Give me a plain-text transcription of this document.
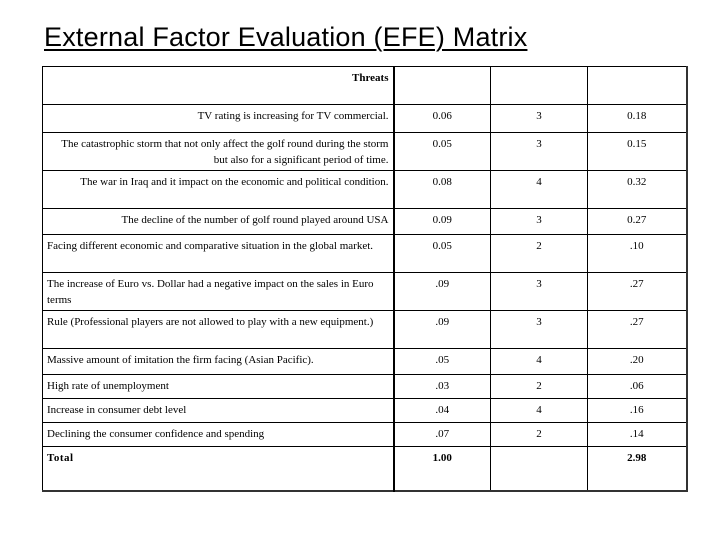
External Factor Evaluation (EFE) Matrix
Threats			
TV rating is increasing for TV commercial.	0.06	3	0.18
The catastrophic storm that not only affect the golf round during the storm but also for a significant period of time.	0.05	3	0.15
The war in Iraq and it impact on the economic and political condition.	0.08	4	0.32
The decline of the number of golf round played around USA	0.09	3	0.27
Facing different economic and comparative situation in the global market.	0.05	2	.10
The increase of Euro vs. Dollar had a negative impact on the sales in Euro terms	.09	3	.27
Rule (Professional players are not allowed to play with a new equipment.)	.09	3	.27
Massive amount of imitation the firm facing (Asian Pacific).	.05	4	.20
High rate of unemployment	.03	2	.06
Increase in consumer debt level	.04	4	.16
Declining the consumer confidence and spending	.07	2	.14
Total	1.00		2.98
